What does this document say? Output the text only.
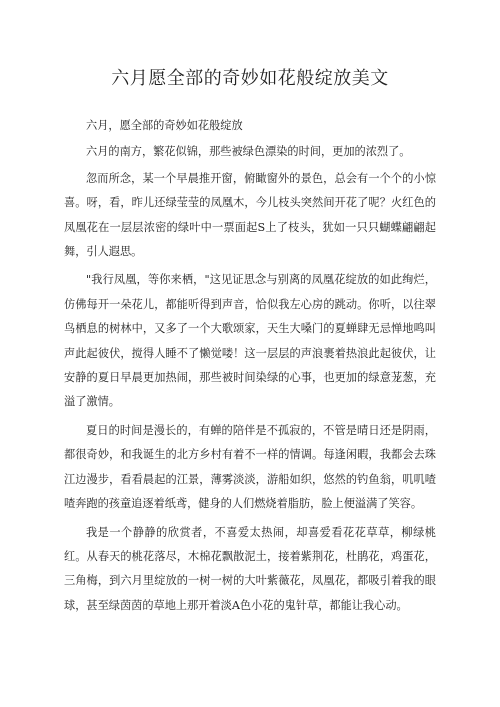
六月愿全部的奇妙如花般绽放美文

六月，愿全部的奇妙如花般绽放

六月的南方，繁花似锦，那些被绿色漂染的时间，更加的浓烈了。

忽而所念，某一个早晨推开窗，俯瞰窗外的景色，总会有一个个的小惊喜。呀，看，昨儿还绿莹莹的凤凰木，今儿枝头突然间开花了呢？火红色的凤凰花在一层层浓密的绿叶中一票面起S上了枝头，犹如一只只蝴蝶翩翩起舞，引人遐思。

"我行凤凰，等你来栖，"这见证思念与别离的凤凰花绽放的如此绚烂，仿佛每开一朵花儿，都能听得到声音，恰似我左心房的跳动。你听，以往翠鸟栖息的树林中，又多了一个大歌颂家，天生大嗓门的夏蝉肆无忌惮地鸣叫声此起彼伏，搅得人睡不了懒觉喽！这一层层的声浪裹着热浪此起彼伏，让安静的夏日早晨更加热闹，那些被时间染绿的心事，也更加的绿意茏葱，充溢了激情。

夏日的时间是漫长的，有蝉的陪伴是不孤寂的，不管是晴日还是阴雨，都很奇妙，和我诞生的北方乡村有着不一样的情调。每逢闲暇，我都会去珠江边漫步，看看晨起的江景，薄雾淡淡，游船如织，悠然的钓鱼翁，叽叽喳喳奔跑的孩童追逐着纸鸢，健身的人们燃烧着脂肪，脸上便溢满了笑容。

我是一个静静的欣赏者，不喜爱太热闹，却喜爱看花花草草，柳绿桃红。从春天的桃花落尽，木棉花飘散泥土，接着紫荆花，杜鹃花，鸡蛋花，三角梅，到六月里绽放的一树一树的大叶紫薇花，凤凰花，都吸引着我的眼球，甚至绿茵茵的草地上那开着淡A色小花的鬼针草，都能让我心动。
